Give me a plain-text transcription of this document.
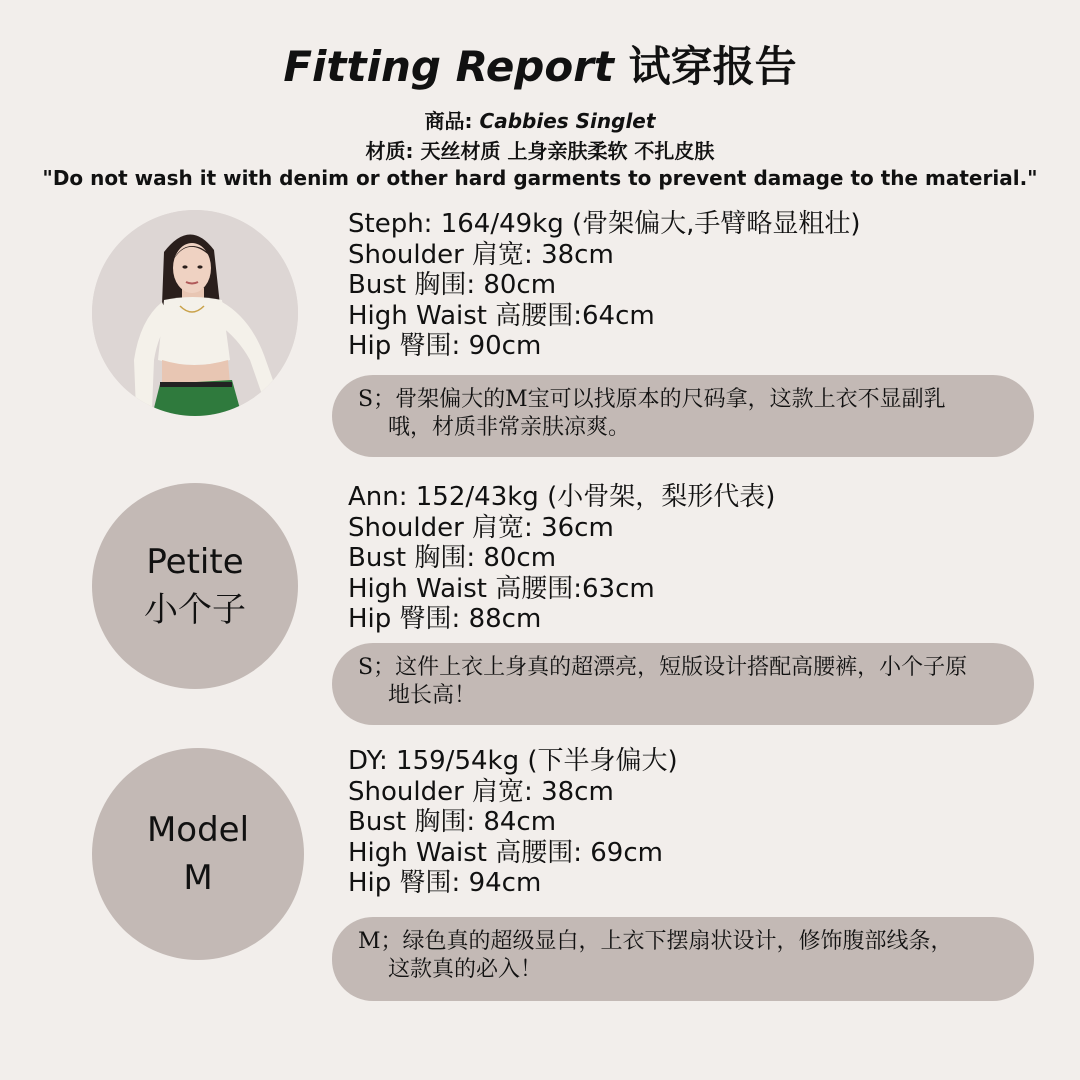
Fitting Report 试穿报告
商品: Cabbies Singlet
材质: 天丝材质 上身亲肤柔软 不扎皮肤
"Do not wash it with denim or other hard garments to prevent damage to the material."
Steph: 164/49kg (骨架偏大,手臂略显粗壮)
Shoulder 肩宽: 38cm
Bust 胸围: 80cm
High Waist 高腰围:64cm
Hip 臀围: 90cm
S；骨架偏大的M宝可以找原本的尺码拿，这款上衣不显副乳
哦，材质非常亲肤凉爽。
Petite
小个子
Ann: 152/43kg (小骨架，梨形代表)
Shoulder 肩宽: 36cm
Bust 胸围: 80cm
High Waist 高腰围:63cm
Hip 臀围: 88cm
S；这件上衣上身真的超漂亮，短版设计搭配高腰裤，小个子原
地长高！
Model
M
DY: 159/54kg (下半身偏大)
Shoulder 肩宽: 38cm
Bust 胸围: 84cm
High Waist 高腰围: 69cm
Hip 臀围: 94cm
M；绿色真的超级显白，上衣下摆扇状设计，修饰腹部线条，
这款真的必入！
